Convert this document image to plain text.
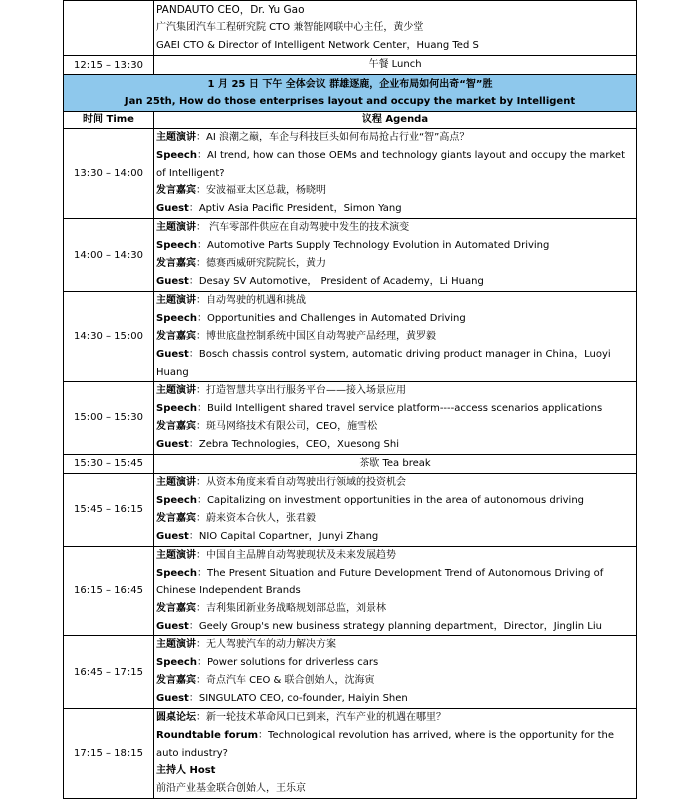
	PANDAUTO CEO，Dr. Yu Gao
广汽集团汽车工程研究院 CTO 兼智能网联中心主任，黄少堂
GAEI CTO & Director of Intelligent Network Center，Huang Ted S

12:15 – 13:30	午餐 Lunch

1 月 25 日 下午 全体会议 群雄逐鹿，企业布局如何出奇“智”胜
Jan 25th, How do those enterprises layout and occupy the market by Intelligent	

时间 Time	议程 Agenda
13:30 – 14:00	主题演讲：AI 浪潮之巅，车企与科技巨头如何布局抢占行业“智”高点？
Speech：AI trend, how can those OEMs and technology giants layout and occupy the market of Intelligent?
发言嘉宾：安波福亚太区总裁，杨晓明
Guest：Aptiv Asia Pacific President，Simon Yang

14:00 – 14:30	主题演讲： 汽车零部件供应在自动驾驶中发生的技术演变
Speech：Automotive Parts Supply Technology Evolution in Automated Driving
发言嘉宾：德赛西威研究院院长，黄力
Guest：Desay SV Automotive， President of Academy，Li Huang

14:30 – 15:00	主题演讲：自动驾驶的机遇和挑战
Speech：Opportunities and Challenges in Automated Driving
发言嘉宾：博世底盘控制系统中国区自动驾驶产品经理，黄罗毅
Guest：Bosch chassis control system, automatic driving product manager in China，Luoyi Huang

15:00 – 15:30	主题演讲：打造智慧共享出行服务平台——接入场景应用
Speech：Build Intelligent shared travel service platform----access scenarios applications
发言嘉宾：斑马网络技术有限公司，CEO，施雪松
Guest：Zebra Technologies，CEO，Xuesong Shi

15:30 – 15:45	茶歇 Tea break
15:45 – 16:15	主题演讲：从资本角度来看自动驾驶出行领域的投资机会
Speech：Capitalizing on investment opportunities in the area of autonomous driving
发言嘉宾：蔚来资本合伙人，张君毅
Guest：NIO Capital Copartner，Junyi Zhang

16:15 – 16:45	主题演讲：中国自主品牌自动驾驶现状及未来发展趋势
Speech：The Present Situation and Future Development Trend of Autonomous Driving of Chinese Independent Brands
发言嘉宾：吉利集团新业务战略规划部总监，刘景林
Guest：Geely Group's new business strategy planning department，Director，Jinglin Liu

16:45 – 17:15	主题演讲：无人驾驶汽车的动力解决方案
Speech：Power solutions for driverless cars
发言嘉宾：奇点汽车 CEO & 联合创始人，沈海寅
Guest：SINGULATO CEO, co-founder, Haiyin Shen

17:15 – 18:15	圆桌论坛：新一轮技术革命风口已到来，汽车产业的机遇在哪里？
Roundtable forum：Technological revolution has arrived, where is the opportunity for the auto industry?
主持人 Host
前沿产业基金联合创始人，王乐京
